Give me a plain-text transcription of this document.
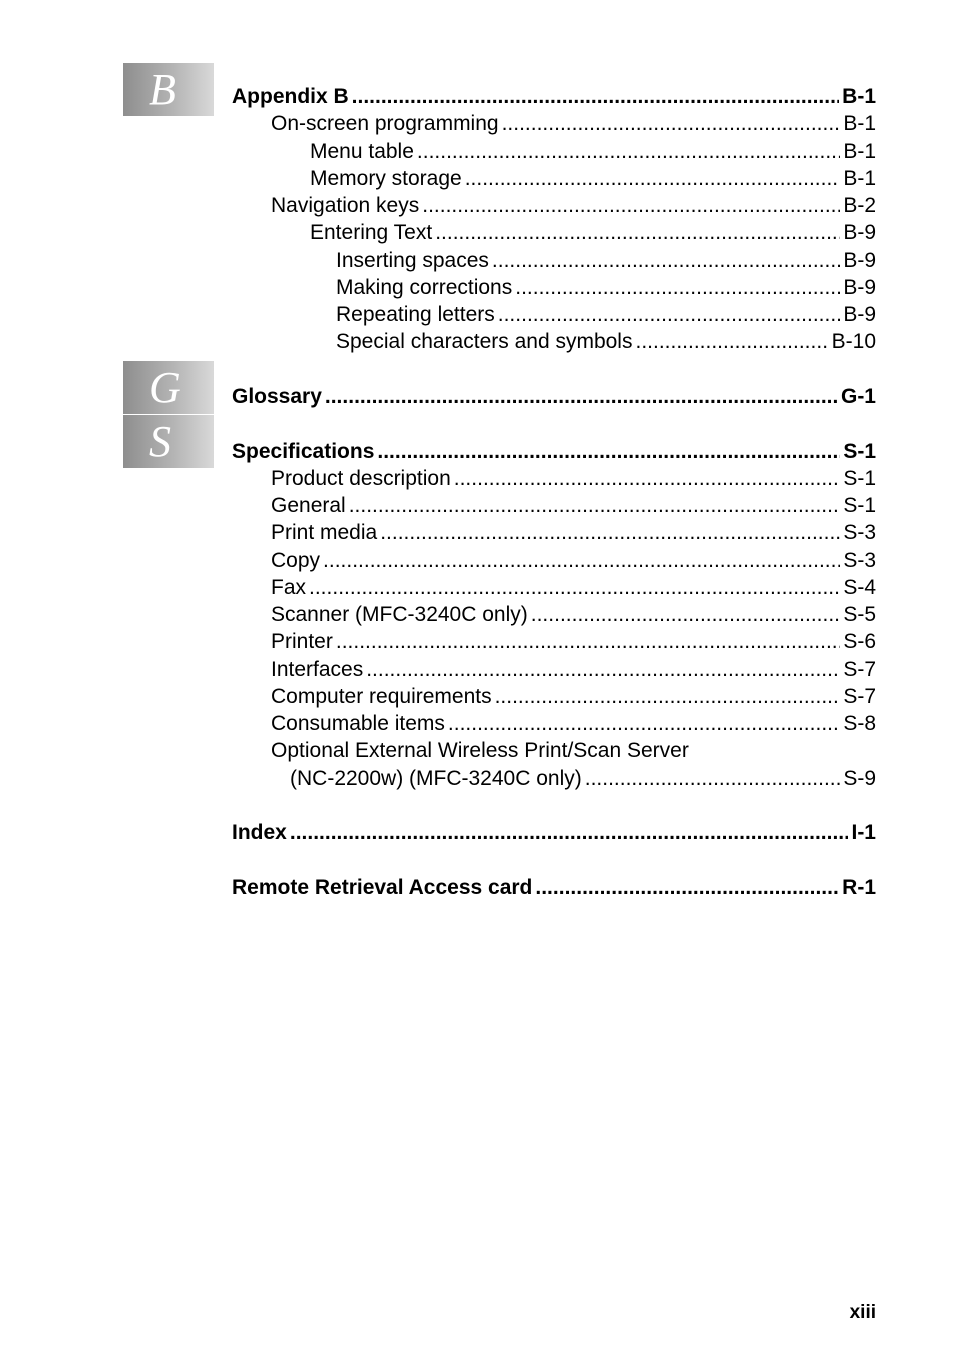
B
G
S
Appendix B .....	B-1
On-screen programming .....	B-1
Menu table .....	B-1
Memory storage .....	B-1
Navigation keys .....	B-2
Entering Text .....	B-9
Inserting spaces .....	B-9
Making corrections .....	B-9
Repeating letters .....	B-9
Special characters and symbols .....	B-10
Glossary .....	G-1
Specifications .....	S-1
Product description .....	S-1
General .....	S-1
Print media .....	S-3
Copy .....	S-3
Fax .....	S-4
Scanner (MFC-3240C only) .....	S-5
Printer .....	S-6
Interfaces .....	S-7
Computer requirements .....	S-7
Consumable items .....	S-8
Optional External Wireless Print/Scan Server
(NC-2200w) (MFC-3240C only) .....	S-9
Index .....	I-1
Remote Retrieval Access card .....	R-1
xiii
